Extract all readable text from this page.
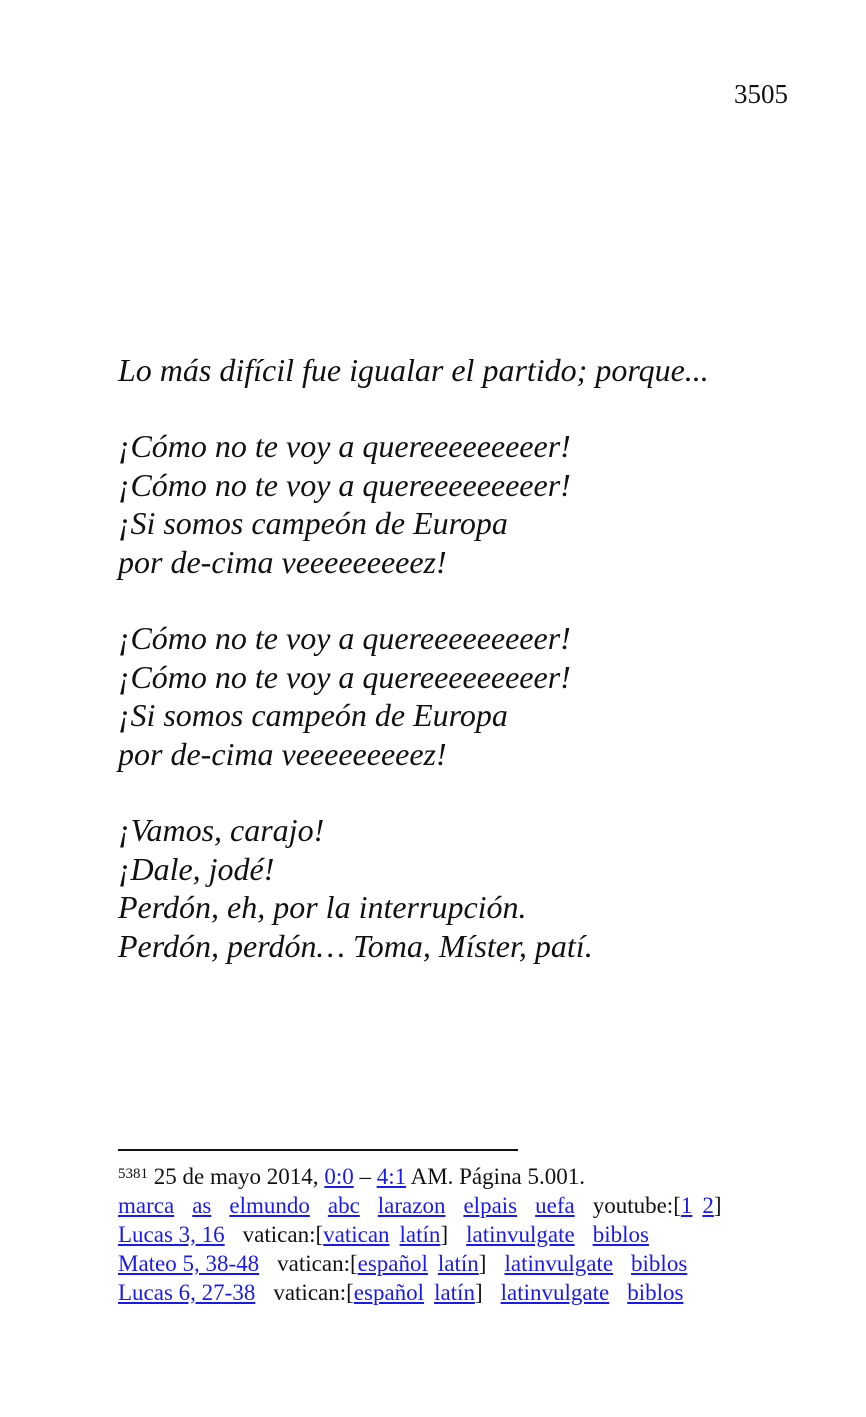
3505
Lo más difícil fue igualar el partido; porque...
¡Cómo no te voy a quereeeeeeeeer!
¡Cómo no te voy a quereeeeeeeeer!
¡Si somos campeón de Europa
por de-cima veeeeeeeeez!
¡Cómo no te voy a quereeeeeeeeer!
¡Cómo no te voy a quereeeeeeeeer!
¡Si somos campeón de Europa
por de-cima veeeeeeeeez!
¡Vamos, carajo!
¡Dale, jodé!
Perdón, eh, por la interrupción.
Perdón, perdón… Toma, Míster, patí.
$^{5381}$ 25 de mayo 2014, 0:0 – 4:1 AM. Página 5.001.
marca as elmundo abc larazon elpais uefa youtube:[1 2]
Lucas 3, 16 vatican:[vatican latín] latinvulgate biblos
Mateo 5, 38-48 vatican:[español latín] latinvulgate biblos
Lucas 6, 27-38 vatican:[español latín] latinvulgate biblos
